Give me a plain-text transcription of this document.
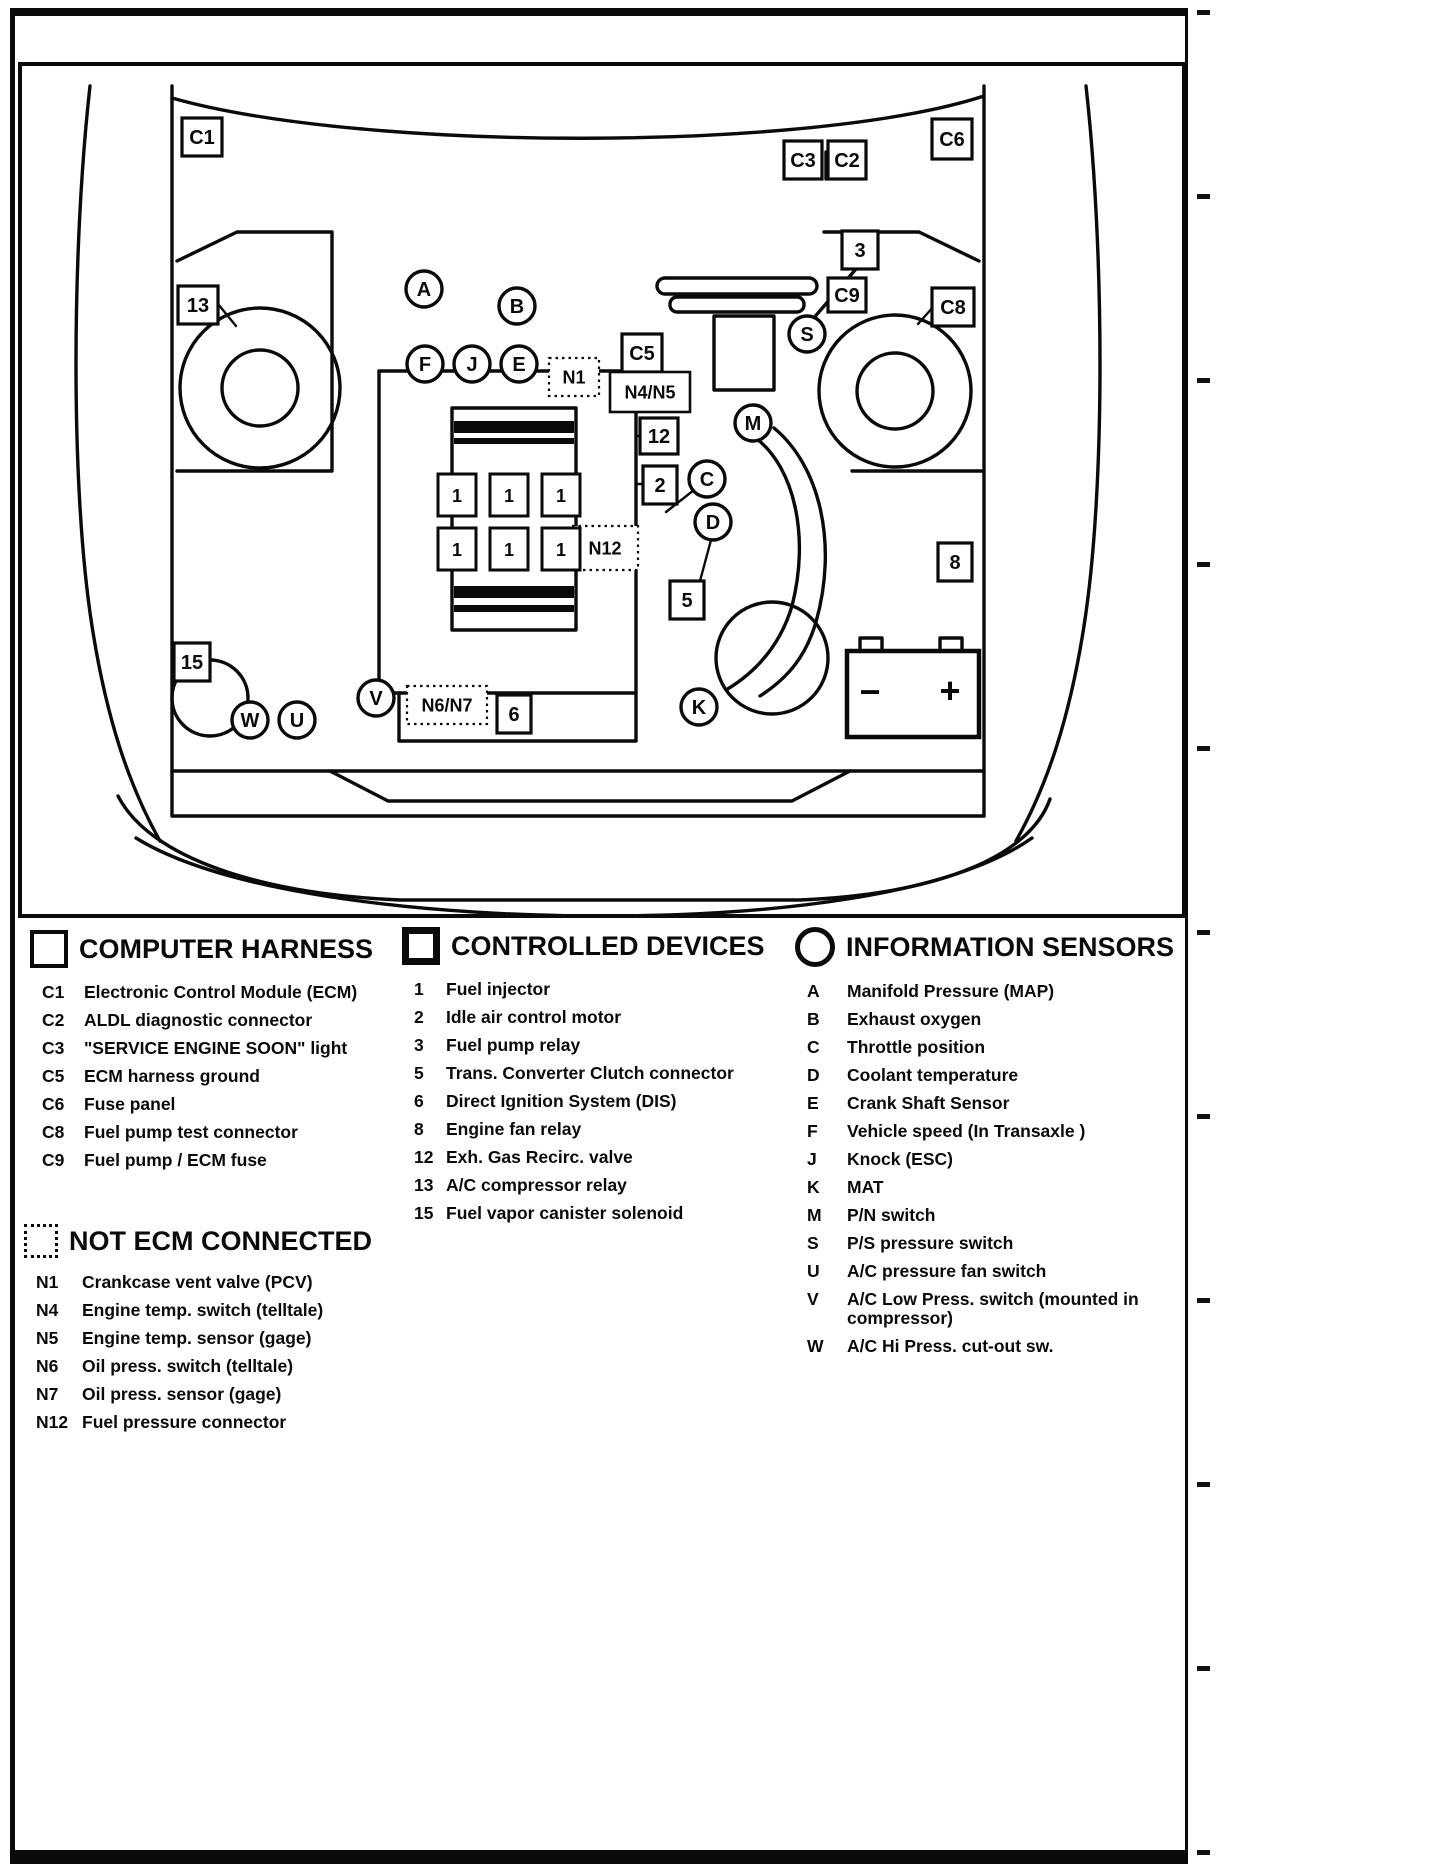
C1
C3 C2
C6
13
3
C9
C8
C5
12
2
5
8
15
6
N1
N4/N5
N12
N6/N7
1 1 1
1 1 1
A
B
F J E
S
M
C
D
K
V
W U
− +
COMPUTER HARNESS
C1	Electronic Control Module (ECM)
C2	ALDL diagnostic connector
C3	"SERVICE ENGINE SOON" light
C5	ECM harness ground
C6	Fuse panel
C8	Fuel pump test connector
C9	Fuel pump / ECM fuse
CONTROLLED DEVICES
1	Fuel injector
2	Idle air control motor
3	Fuel pump relay
5	Trans. Converter Clutch connector
6	Direct Ignition System (DIS)
8	Engine fan relay
12 Exh. Gas Recirc. valve
13 A/C compressor relay
15 Fuel vapor canister solenoid
INFORMATION SENSORS
A	Manifold Pressure (MAP)
B	Exhaust oxygen
C	Throttle position
D	Coolant temperature
E	Crank Shaft Sensor
F	Vehicle speed (In Transaxle )
J	Knock (ESC)
K	MAT
M	P/N switch
S	P/S pressure switch
U	A/C pressure fan switch
V	A/C Low Press. switch (mounted in compressor)
W	A/C Hi Press. cut-out sw.
NOT ECM CONNECTED
N1	Crankcase vent valve (PCV)
N4	Engine temp. switch (telltale)
N5	Engine temp. sensor (gage)
N6	Oil press. switch (telltale)
N7	Oil press. sensor (gage)
N12 Fuel pressure connector
